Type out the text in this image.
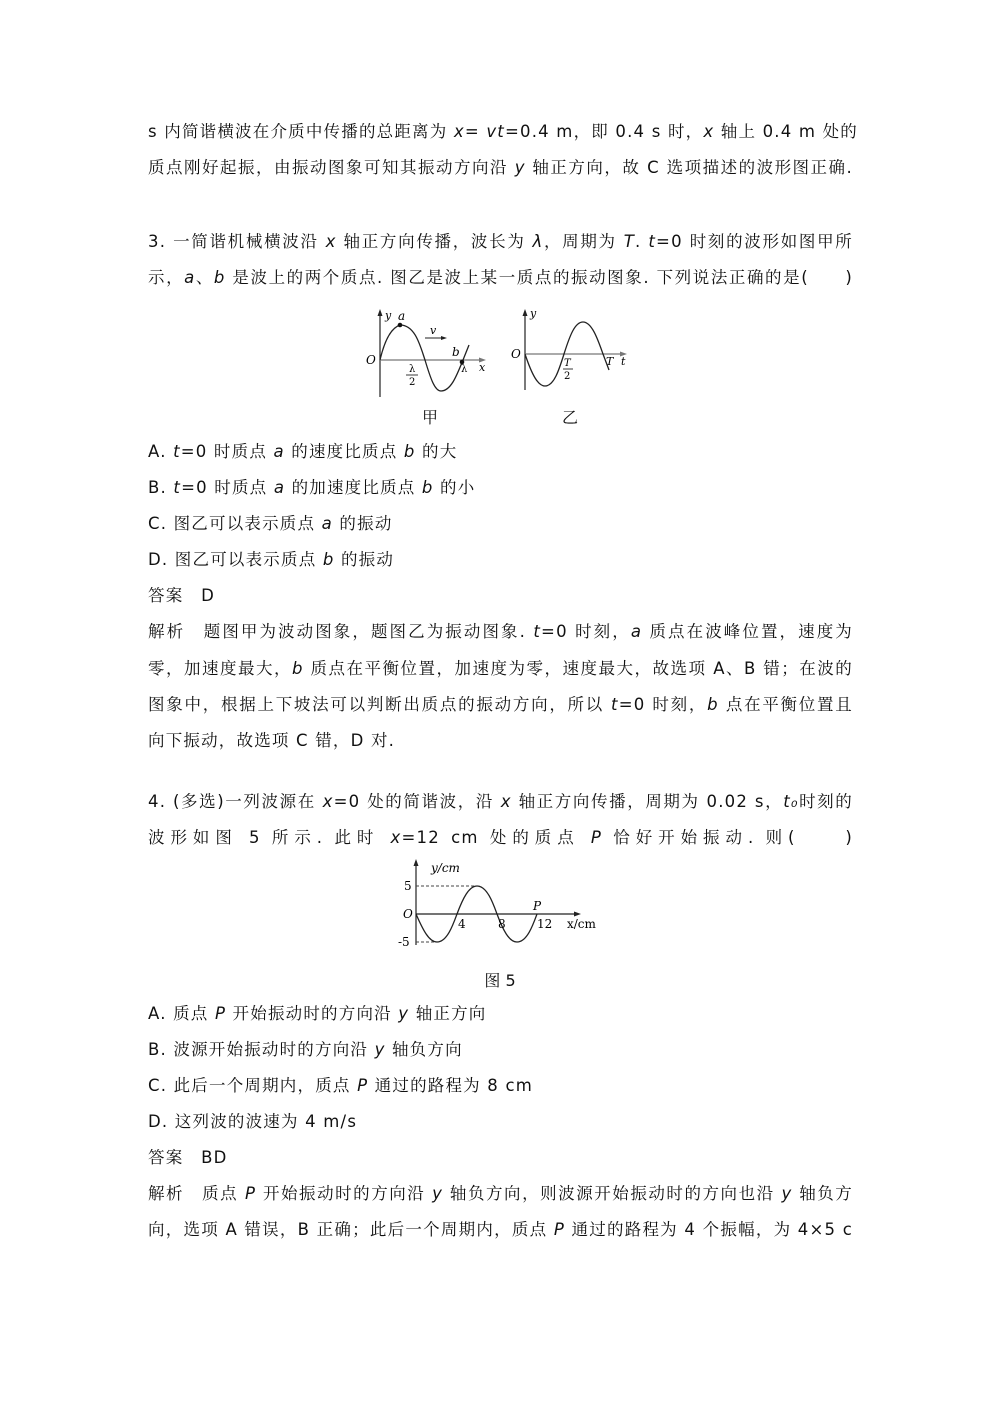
s 内简谐横波在介质中传播的总距离为 x= vt=0.4 m，即 0.4 s 时，x 轴上 0.4 m 处的
质点刚好起振，由振动图象可知其振动方向沿 y 轴正方向，故 C 选项描述的波形图正确.
3. 一简谐机械横波沿 x 轴正方向传播，波长为 λ，周期为 T. t=0 时刻的波形如图甲所
示，a、b 是波上的两个质点. 图乙是波上某一质点的振动图象. 下列说法正确的是(　　)
y a
v
O
b
λ x
λ
2
甲
y
O
T
2
T t
乙
A. t=0 时质点 a 的速度比质点 b 的大
B. t=0 时质点 a 的加速度比质点 b 的小
C. 图乙可以表示质点 a 的振动
D. 图乙可以表示质点 b 的振动
答案　D
解析　题图甲为波动图象，题图乙为振动图象. t=0 时刻，a 质点在波峰位置，速度为
零，加速度最大，b 质点在平衡位置，加速度为零，速度最大，故选项 A、B 错；在波的
图象中，根据上下坡法可以判断出质点的振动方向，所以 t=0 时刻，b 点在平衡位置且
向下振动，故选项 C 错，D 对.
4. (多选)一列波源在 x=0 处的简谐波，沿 x 轴正方向传播，周期为 0.02 s，t₀时刻的
波形如图 5 所示. 此时 x=12 cm 处的质点 P 恰好开始振动. 则(　　)
y/cm
5
-5
O
4	8	12
P
x/cm
图 5
A. 质点 P 开始振动时的方向沿 y 轴正方向
B. 波源开始振动时的方向沿 y 轴负方向
C. 此后一个周期内，质点 P 通过的路程为 8 cm
D. 这列波的波速为 4 m/s
答案　BD
解析　质点 P 开始振动时的方向沿 y 轴负方向，则波源开始振动时的方向也沿 y 轴负方
向，选项 A 错误，B 正确；此后一个周期内，质点 P 通过的路程为 4 个振幅，为 4×5 c
